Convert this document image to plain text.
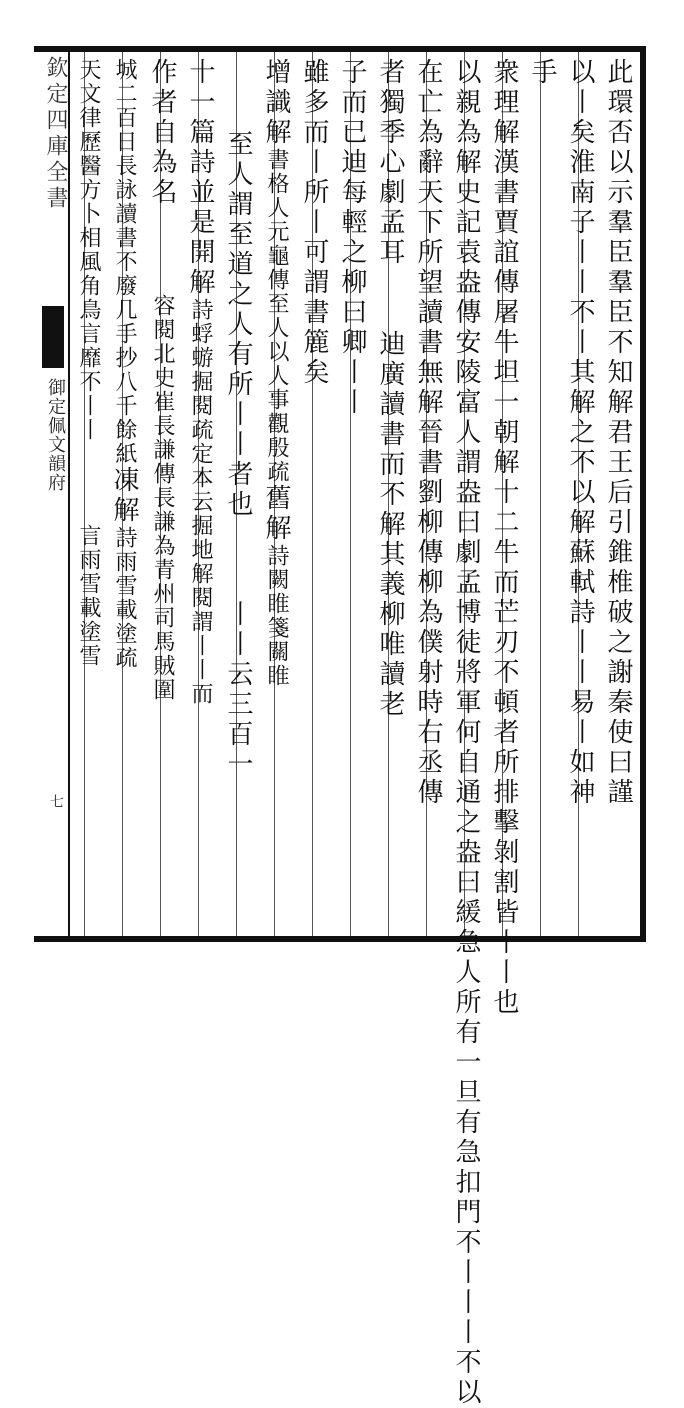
欽定四庫全書
御定佩文韻府
七	此環否以示羣臣羣臣不知解君王后引錐椎破之謝秦使曰謹
以丨矣淮南子丨丨不丨其解之不以解蘇軾詩丨丨易丨如神
手
衆理解漢書賈誼傳屠牛坦一朝解十二牛而芒刃不頓者所排擊剝割皆丨丨也
以親為解史記袁盎傳安陵富人謂盎曰劇孟博徒將軍何自通之盎曰緩急人所有一旦有急扣門不丨丨丨不以
在亡為辭天下所望讀書無解晉書劉柳傳柳為僕射時右丞傳
者獨季心劇孟耳迪廣讀書而不解其義柳唯讀老
子而已迪每輕之柳曰卿丨丨
雖多而丨所丨可謂書簏矣
增識解書格人元龜傳至人以人事觀殷疏舊解詩闕睢箋關睢
至人謂至道之人有所丨丨者也丨丨云三百一
十一篇詩並是開解詩蜉蝣掘閱疏定本云掘地解閱謂丨丨而
作者自為名容閱北史崔長謙傳長謙為青州司馬賊圍
城二百日長詠讀書不廢几手抄八千餘紙凍解詩雨雪載塗疏
天文律歷醫方卜相風角鳥言靡不丨丨言雨雪載塗雪
